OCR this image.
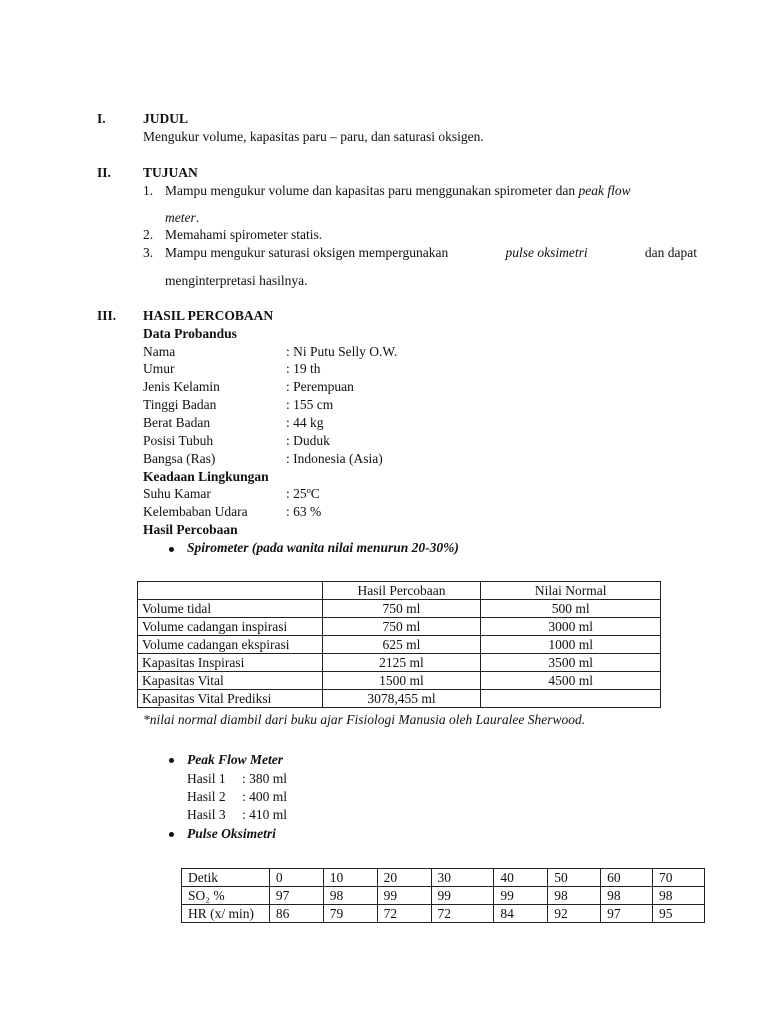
I.	JUDUL
Mengukur volume, kapasitas paru – paru, dan saturasi oksigen.
II. TUJUAN
1. Mampu mengukur volume dan kapasitas paru menggunakan spirometer dan peak flow
meter.
2. Memahami spirometer statis.
3. Mampu mengukur saturasi oksigen mempergunakan	pulse oksimetri	dan dapat
menginterpretasi hasilnya.
III. HASIL PERCOBAAN
Data Probandus
Nama	: Ni Putu Selly O.W.
Umur	: 19 th
Jenis Kelamin	: Perempuan
Tinggi Badan	: 155 cm
Berat Badan	: 44 kg
Posisi Tubuh	: Duduk
Bangsa (Ras)	: Indonesia (Asia)
Keadaan Lingkungan
Suhu Kamar	: 25ºC
Kelembaban Udara	: 63 %
Hasil Percobaan
Spirometer (pada wanita nilai menurun 20-30%)
	Hasil Percobaan	Nilai Normal
Volume tidal	750 ml	500 ml
Volume cadangan inspirasi	750 ml	3000 ml
Volume cadangan ekspirasi	625 ml	1000 ml
Kapasitas Inspirasi	2125 ml	3500 ml
Kapasitas Vital	1500 ml	4500 ml
Kapasitas Vital Prediksi	3078,455 ml	
*nilai normal diambil dari buku ajar Fisiologi Manusia oleh Lauralee Sherwood.
Peak Flow Meter
Hasil 1 : 380 ml
Hasil 2 : 400 ml
Hasil 3 : 410 ml
Pulse Oksimetri
Detik	0	10	20	30	40	50	60	70
SO₂ %	97	98	99	99	99	98	98	98
HR (x/ min)	86	79	72	72	84	92	97	95
